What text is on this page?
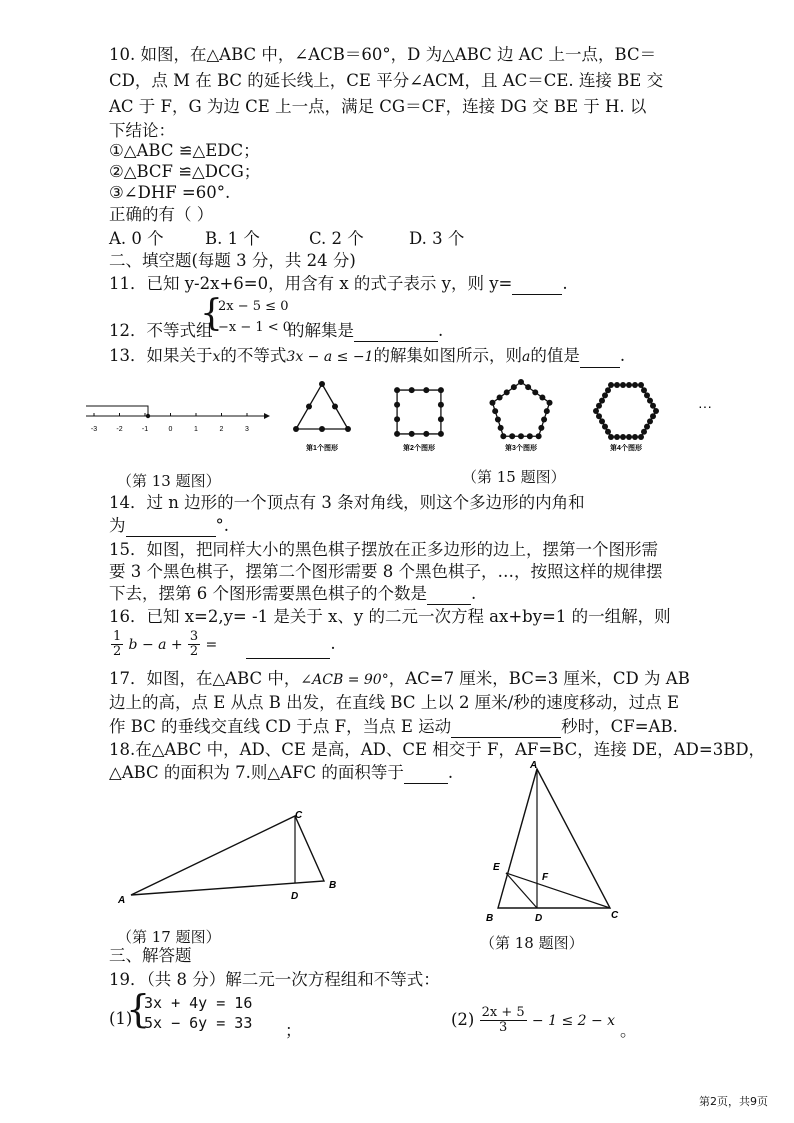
10. 如图，在△ABC 中，∠ACB＝60°，D 为△ABC 边 AC 上一点，BC＝
CD，点 M 在 BC 的延长线上，CE 平分∠ACM，且 AC＝CE. 连接 BE 交
AC 于 F，G 为边 CE 上一点，满足 CG＝CF，连接 DG 交 BE 于 H. 以
下结论：
①△ABC ≌△EDC；
②△BCF ≌△DCG；
③∠DHF =60°.
正确的有（ ）
A. 0 个	B. 1 个	C. 2 个	D. 3 个
二、填空题(每题 3 分，共 24 分)
11．已知 y-2x+6=0，用含有 x 的式子表示 y，则 y=	.
12．不等式组
{
2x − 5 ≤ 0
−x − 1 < 0
的解集是	.
13．如果关于x的不等式3x − a ≤ −1的解集如图所示，则a的值是 .
-3	-2	-1	0	1	2	3
第1个图形	第2个图形	第3个图形	第4个图形
···
（第 13 题图）	（第 15 题图）
14．过 n 边形的一个顶点有 3 条对角线，则这个多边形的内角和
为	°.
15．如图，把同样大小的黑色棋子摆放在正多边形的边上，摆第一个图形需
要 3 个黑色棋子，摆第二个图形需要 8 个黑色棋子，…，按照这样的规律摆
下去，摆第 6 个图形需要黑色棋子的个数是	.
16．已知 x=2,y= -1 是关于 x、y 的二元一次方程 ax+by=1 的一组解，则
$\frac{1}{2}$ $b - a + \frac{3}{2}$ =	.
17．如图，在△ABC 中，∠ACB = 90°，AC=7 厘米，BC=3 厘米，CD 为 AB
边上的高，点 E 从点 B 出发，在直线 BC 上以 2 厘米/秒的速度移动，过点 E
作 BC 的垂线交直线 CD 于点 F，当点 E 运动	秒时，CF=AB.
18.在△ABC 中，AD、CE 是高，AD、CE 相交于 F，AF=BC，连接 DE，AD=3BD，
△ABC 的面积为 7.则△AFC 的面积等于	.
A
B
C
D
（第 17 题图）
A
B	C
D
E
F
（第 18 题图）
三、解答题
19．（共 8 分）解二元一次方程组和不等式：
(1)
{
3x + 4y = 16
5x − 6y = 33 ；
$(2) \frac{2x + 5}{3} - 1 \le 2 - x$ 。
第2页，共9页
